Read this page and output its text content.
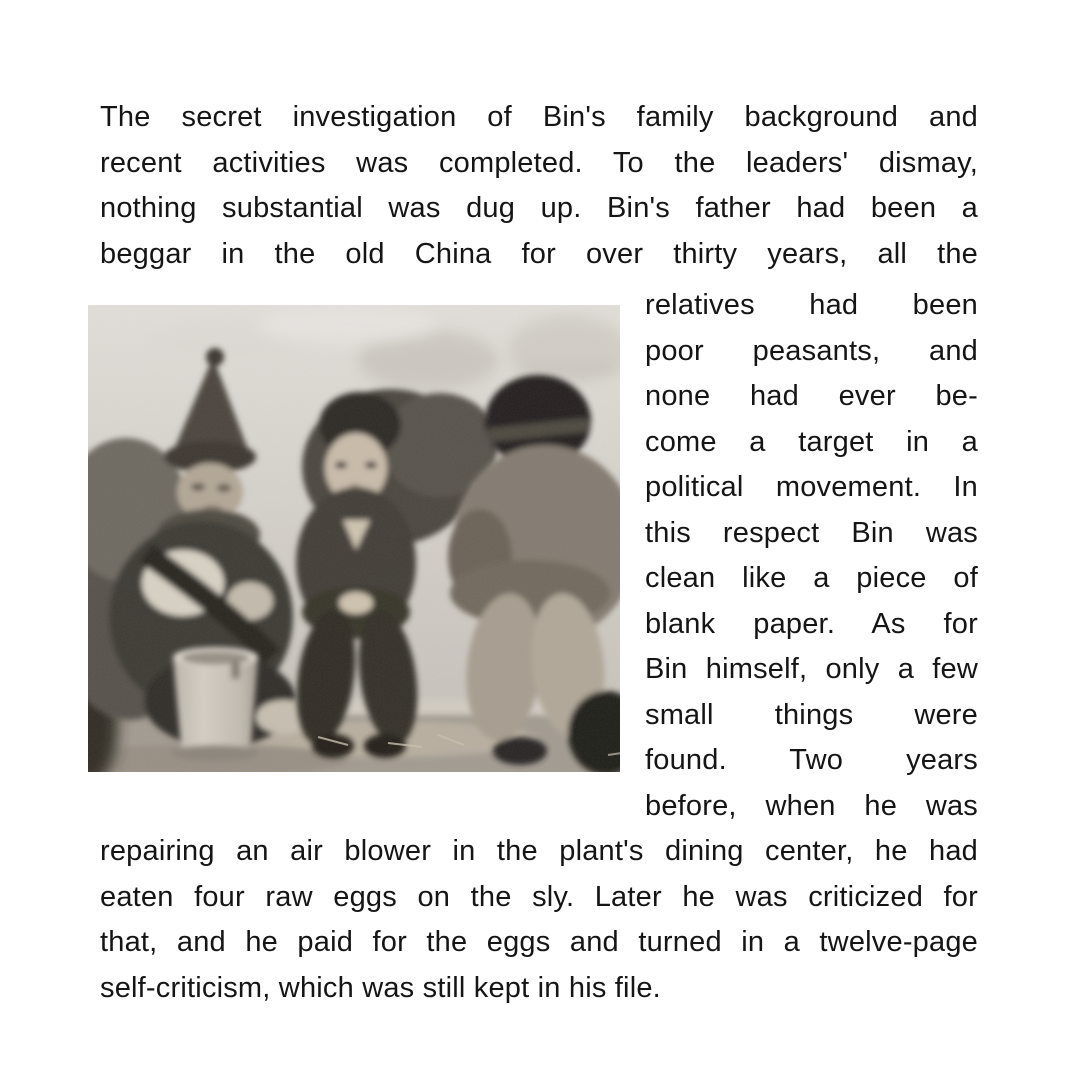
The secret investigation of Bin's family background and
recent activities was completed. To the leaders' dismay,
nothing substantial was dug up. Bin's father had been a
beggar in the old China for over thirty years, all the
relatives had been
poor peasants, and
none had ever be-
come a target in a
political movement. In
this respect Bin was
clean like a piece of
blank paper. As for
Bin himself, only a few
small things were
found. Two years
before, when he was
repairing an air blower in the plant's dining center, he had
eaten four raw eggs on the sly. Later he was criticized for
that, and he paid for the eggs and turned in a twelve-page
self-criticism, which was still kept in his file.
